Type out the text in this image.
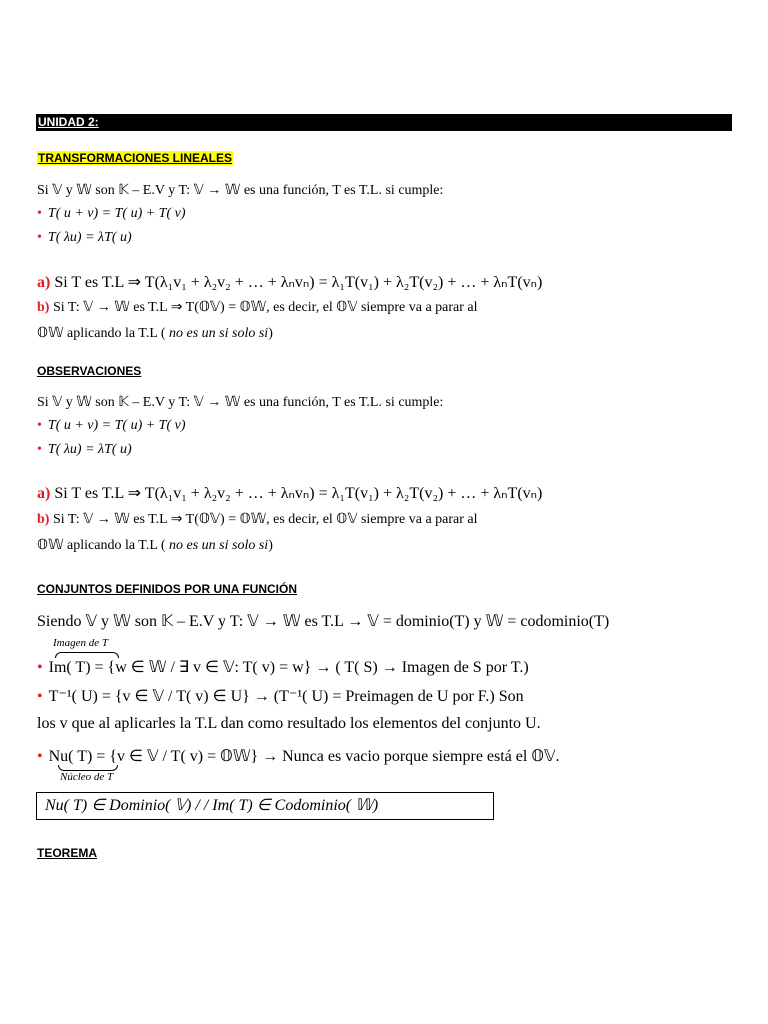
UNIDAD 2:
TRANSFORMACIONES LINEALES
Si 𝕍 y 𝕎 son 𝕂 – E.V y T: 𝕍 → 𝕎 es una función, T es T.L. si cumple:
• T( u + v) = T( u) + T( v)
• T( λu) = λT( u)
a) Si T es T.L ⇒ T(λ₁v₁ + λ₂v₂ + … + λₙvₙ) = λ₁T(v₁) + λ₂T(v₂) + … + λₙT(vₙ)
b) Si T: 𝕍 → 𝕎 es T.L ⇒ T(𝕆𝕍) = 𝕆𝕎, es decir, el 𝕆𝕍 siempre va a parar al
𝕆𝕎 aplicando la T.L ( no es un si solo si)
OBSERVACIONES
Si 𝕍 y 𝕎 son 𝕂 – E.V y T: 𝕍 → 𝕎 es una función, T es T.L. si cumple:
• T( u + v) = T( u) + T( v)
• T( λu) = λT( u)
a) Si T es T.L ⇒ T(λ₁v₁ + λ₂v₂ + … + λₙvₙ) = λ₁T(v₁) + λ₂T(v₂) + … + λₙT(vₙ)
b) Si T: 𝕍 → 𝕎 es T.L ⇒ T(𝕆𝕍) = 𝕆𝕎, es decir, el 𝕆𝕍 siempre va a parar al
𝕆𝕎 aplicando la T.L ( no es un si solo si)
CONJUNTOS DEFINIDOS POR UNA FUNCIÓN
Siendo 𝕍 y 𝕎 son 𝕂 – E.V y T: 𝕍 → 𝕎 es T.L → 𝕍 = dominio(T) y 𝕎 = codominio(T)
Imagen de T
• Im( T) = {w ∈ 𝕎 / ∃ v ∈ 𝕍: T( v) = w} → ( T( S) → Imagen de S por T.)
• T⁻¹( U) = {v ∈ 𝕍 / T( v) ∈ U} → (T⁻¹( U) = Preimagen de U por F.) Son
los v que al aplicarles la T.L dan como resultado los elementos del conjunto U.
• Nu( T) = {v ∈ 𝕍 / T( v) = 𝕆𝕎} → Nunca es vacio porque siempre está el 𝕆𝕍.
Núcleo de T
Nu( T) ∈ Dominio( 𝕍) / / Im( T) ∈ Codominio( 𝕎)
TEOREMA
